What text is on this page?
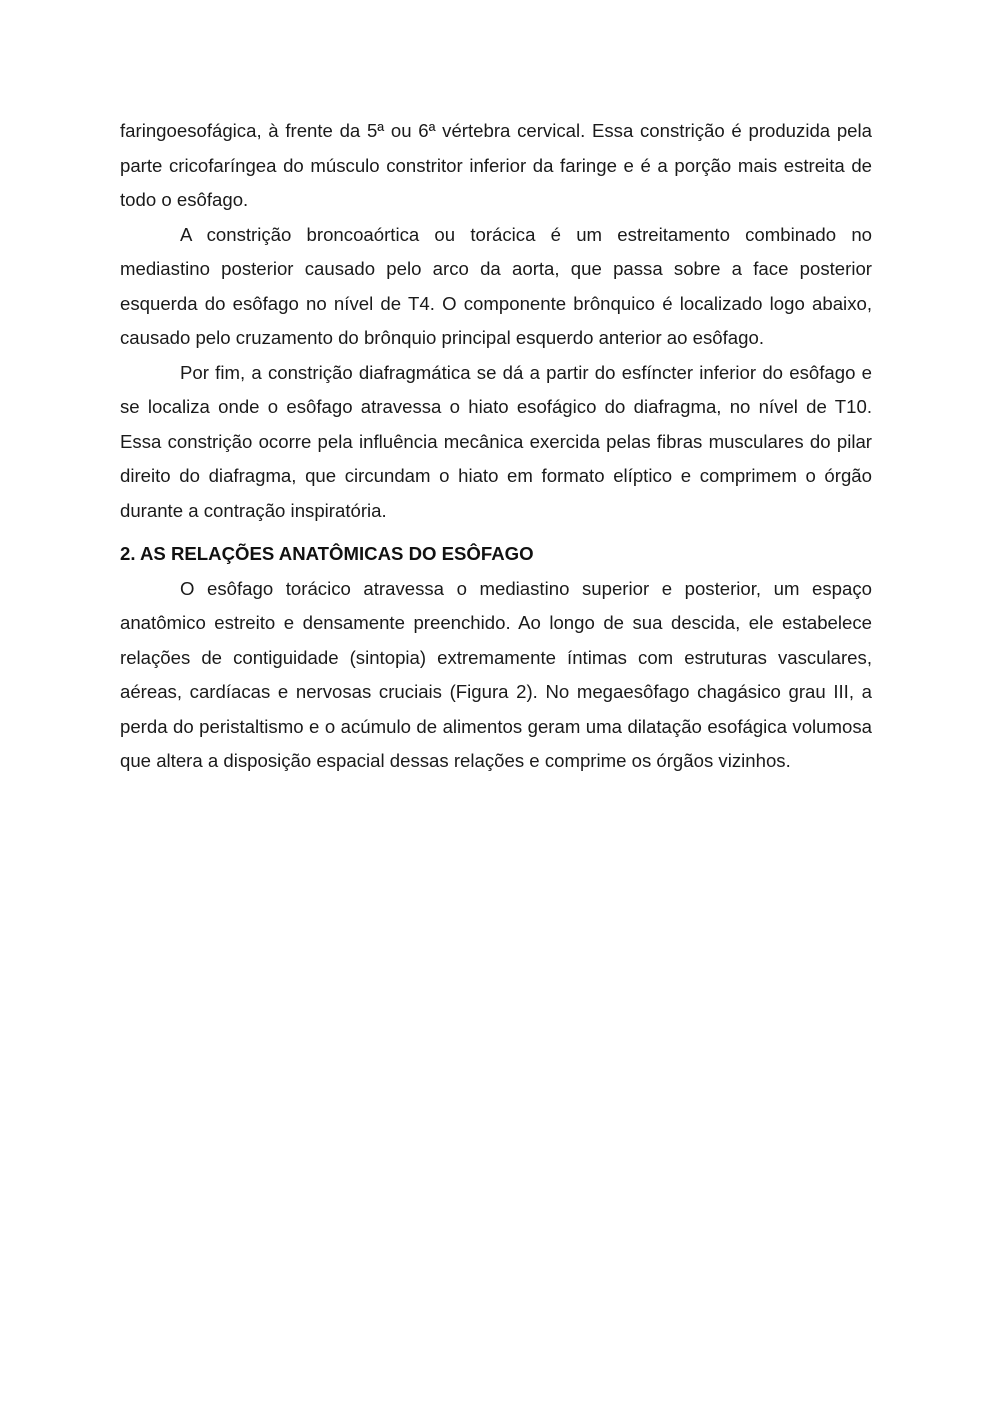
faringoesofágica, à frente da 5ª ou 6ª vértebra cervical. Essa constrição é produzida pela parte cricofaríngea do músculo constritor inferior da faringe e é a porção mais estreita de todo o esôfago.

A constrição broncoaórtica ou torácica é um estreitamento combinado no mediastino posterior causado pelo arco da aorta, que passa sobre a face posterior esquerda do esôfago no nível de T4. O componente brônquico é localizado logo abaixo, causado pelo cruzamento do brônquio principal esquerdo anterior ao esôfago.

Por fim, a constrição diafragmática se dá a partir do esfíncter inferior do esôfago e se localiza onde o esôfago atravessa o hiato esofágico do diafragma, no nível de T10. Essa constrição ocorre pela influência mecânica exercida pelas fibras musculares do pilar direito do diafragma, que circundam o hiato em formato elíptico e comprimem o órgão durante a contração inspiratória.

2. AS RELAÇÕES ANATÔMICAS DO ESÔFAGO

O esôfago torácico atravessa o mediastino superior e posterior, um espaço anatômico estreito e densamente preenchido. Ao longo de sua descida, ele estabelece relações de contiguidade (sintopia) extremamente íntimas com estruturas vasculares, aéreas, cardíacas e nervosas cruciais (Figura 2). No megaesôfago chagásico grau III, a perda do peristaltismo e o acúmulo de alimentos geram uma dilatação esofágica volumosa que altera a disposição espacial dessas relações e comprime os órgãos vizinhos.
